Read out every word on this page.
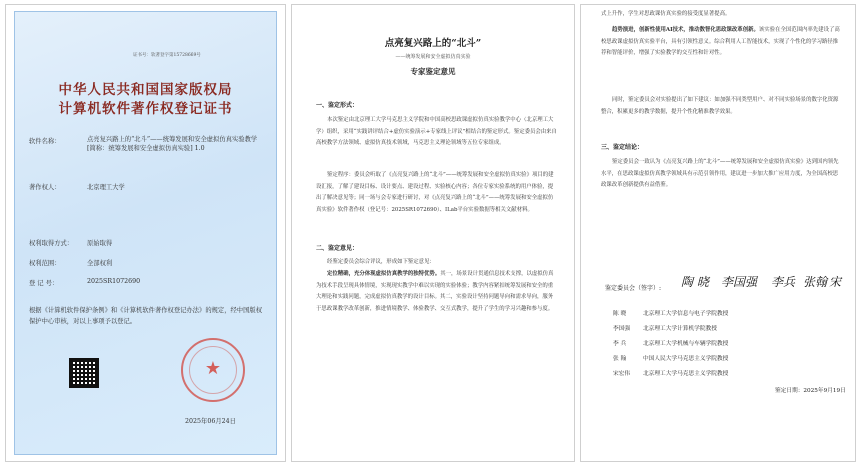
证书号：软著登字第15728669号
中华人民共和国国家版权局
计算机软件著作权登记证书
软件名称：	点亮复兴路上的“北斗”——统筹发展和安全虚拟仿真实验教学[简称：统筹发展和安全虚拟仿真实验] 1.0
著作权人：	北京理工大学
权利取得方式： 原始取得
权利范围：	全部权利
登 记 号：	2025SR1072690
根据《计算机软件保护条例》和《计算机软件著作权登记办法》的规定，经中国版权保护中心审核，对以上事项予以登记。
★
2025年06月24日
点亮复兴路上的“北斗”
——统筹发展和安全虚拟仿真实验
专家鉴定意见
一、鉴定形式：
本次鉴定由北京理工大学马克思主义学院和中国高校思政课虚拟仿真实验教学中心（北京理工大学）组织，采用“实践讲评结合+虚仿实验演示+专家线上评议”相结合的鉴定形式。鉴定委员会由来自高校教学方法领域、虚拟仿真技术领域，马克思主义理论领域等五位专家组成。
鉴定程序：委员会听取了《点亮复兴路上的“北斗”——统筹发展和安全虚拟仿真实验》项目的建设汇报，了解了建设目标、设计要点、建设过程、实验核心内容；各位专家实验系统的用户体验，提出了解决意见等；同一场与会专家进行研讨，对《点亮复兴路上的“北斗”——统筹发展和安全虚拟仿真实验》软件著作权（登记号：2025SR1072690）、ILab平台实验数据等相关文献材料。
二、鉴定意见：
经鉴定委员会综合评议，形成如下鉴定意见：
定位精确，充分体现虚拟仿真教学的独特优势。其一，场景设计贯通信息技术支撑，以虚拟仿真为技术手段呈现具体情境，实现现实教学中难以实现的实验体验；教学内容紧扣统筹发展和安全的重大理论和实践问题，完成虚拟仿真教学的设计目标。其二，实验设计坚持问题导向和需求导向，服务于思政课教学改革创新，推进情境教学、体验教学、交互式教学，提升了学生的学习兴趣和参与度。
式上升作，学生对思政课仿真实验的接受度显著提高。
趋势演进，创新性使用AI技术，推动数智化思政课改革创新。该实验在全国范围内率先建设了高校思政课虚拟仿真实验平台，具有引领性意义。综合利用人工智能技术，实现了个性化的学习路径推荐和智能评价，增强了实验教学的交互性和针对性。
同时，鉴定委员会对实验提出了如下建议：如加强不同类型用户、对不同实验场景的数字化资源整合，积累更多的教学数据，提升个性化精准教学效果。
三、鉴定结论：
鉴定委员会一致认为《点亮复兴路上的“北斗”——统筹发展和安全虚拟仿真实验》达到国内领先水平，在思政课虚拟仿真教学领域具有示范引领作用，建议进一步加大推广应用力度，为全国高校思政课改革创新提供有益借鉴。
鉴定委员会（签字）: 陶 晓 李国强 李兵 张翰 宋
陈 晓	北京理工大学信息与电子学院教授
李国强 北京理工大学计算机学院教授
李 兵	北京理工大学机械与车辆学院教授
张 翰	中国人民大学马克思主义学院教授
宋宏伟 北京理工大学马克思主义学院教授
鉴定日期：2025年9月19日
